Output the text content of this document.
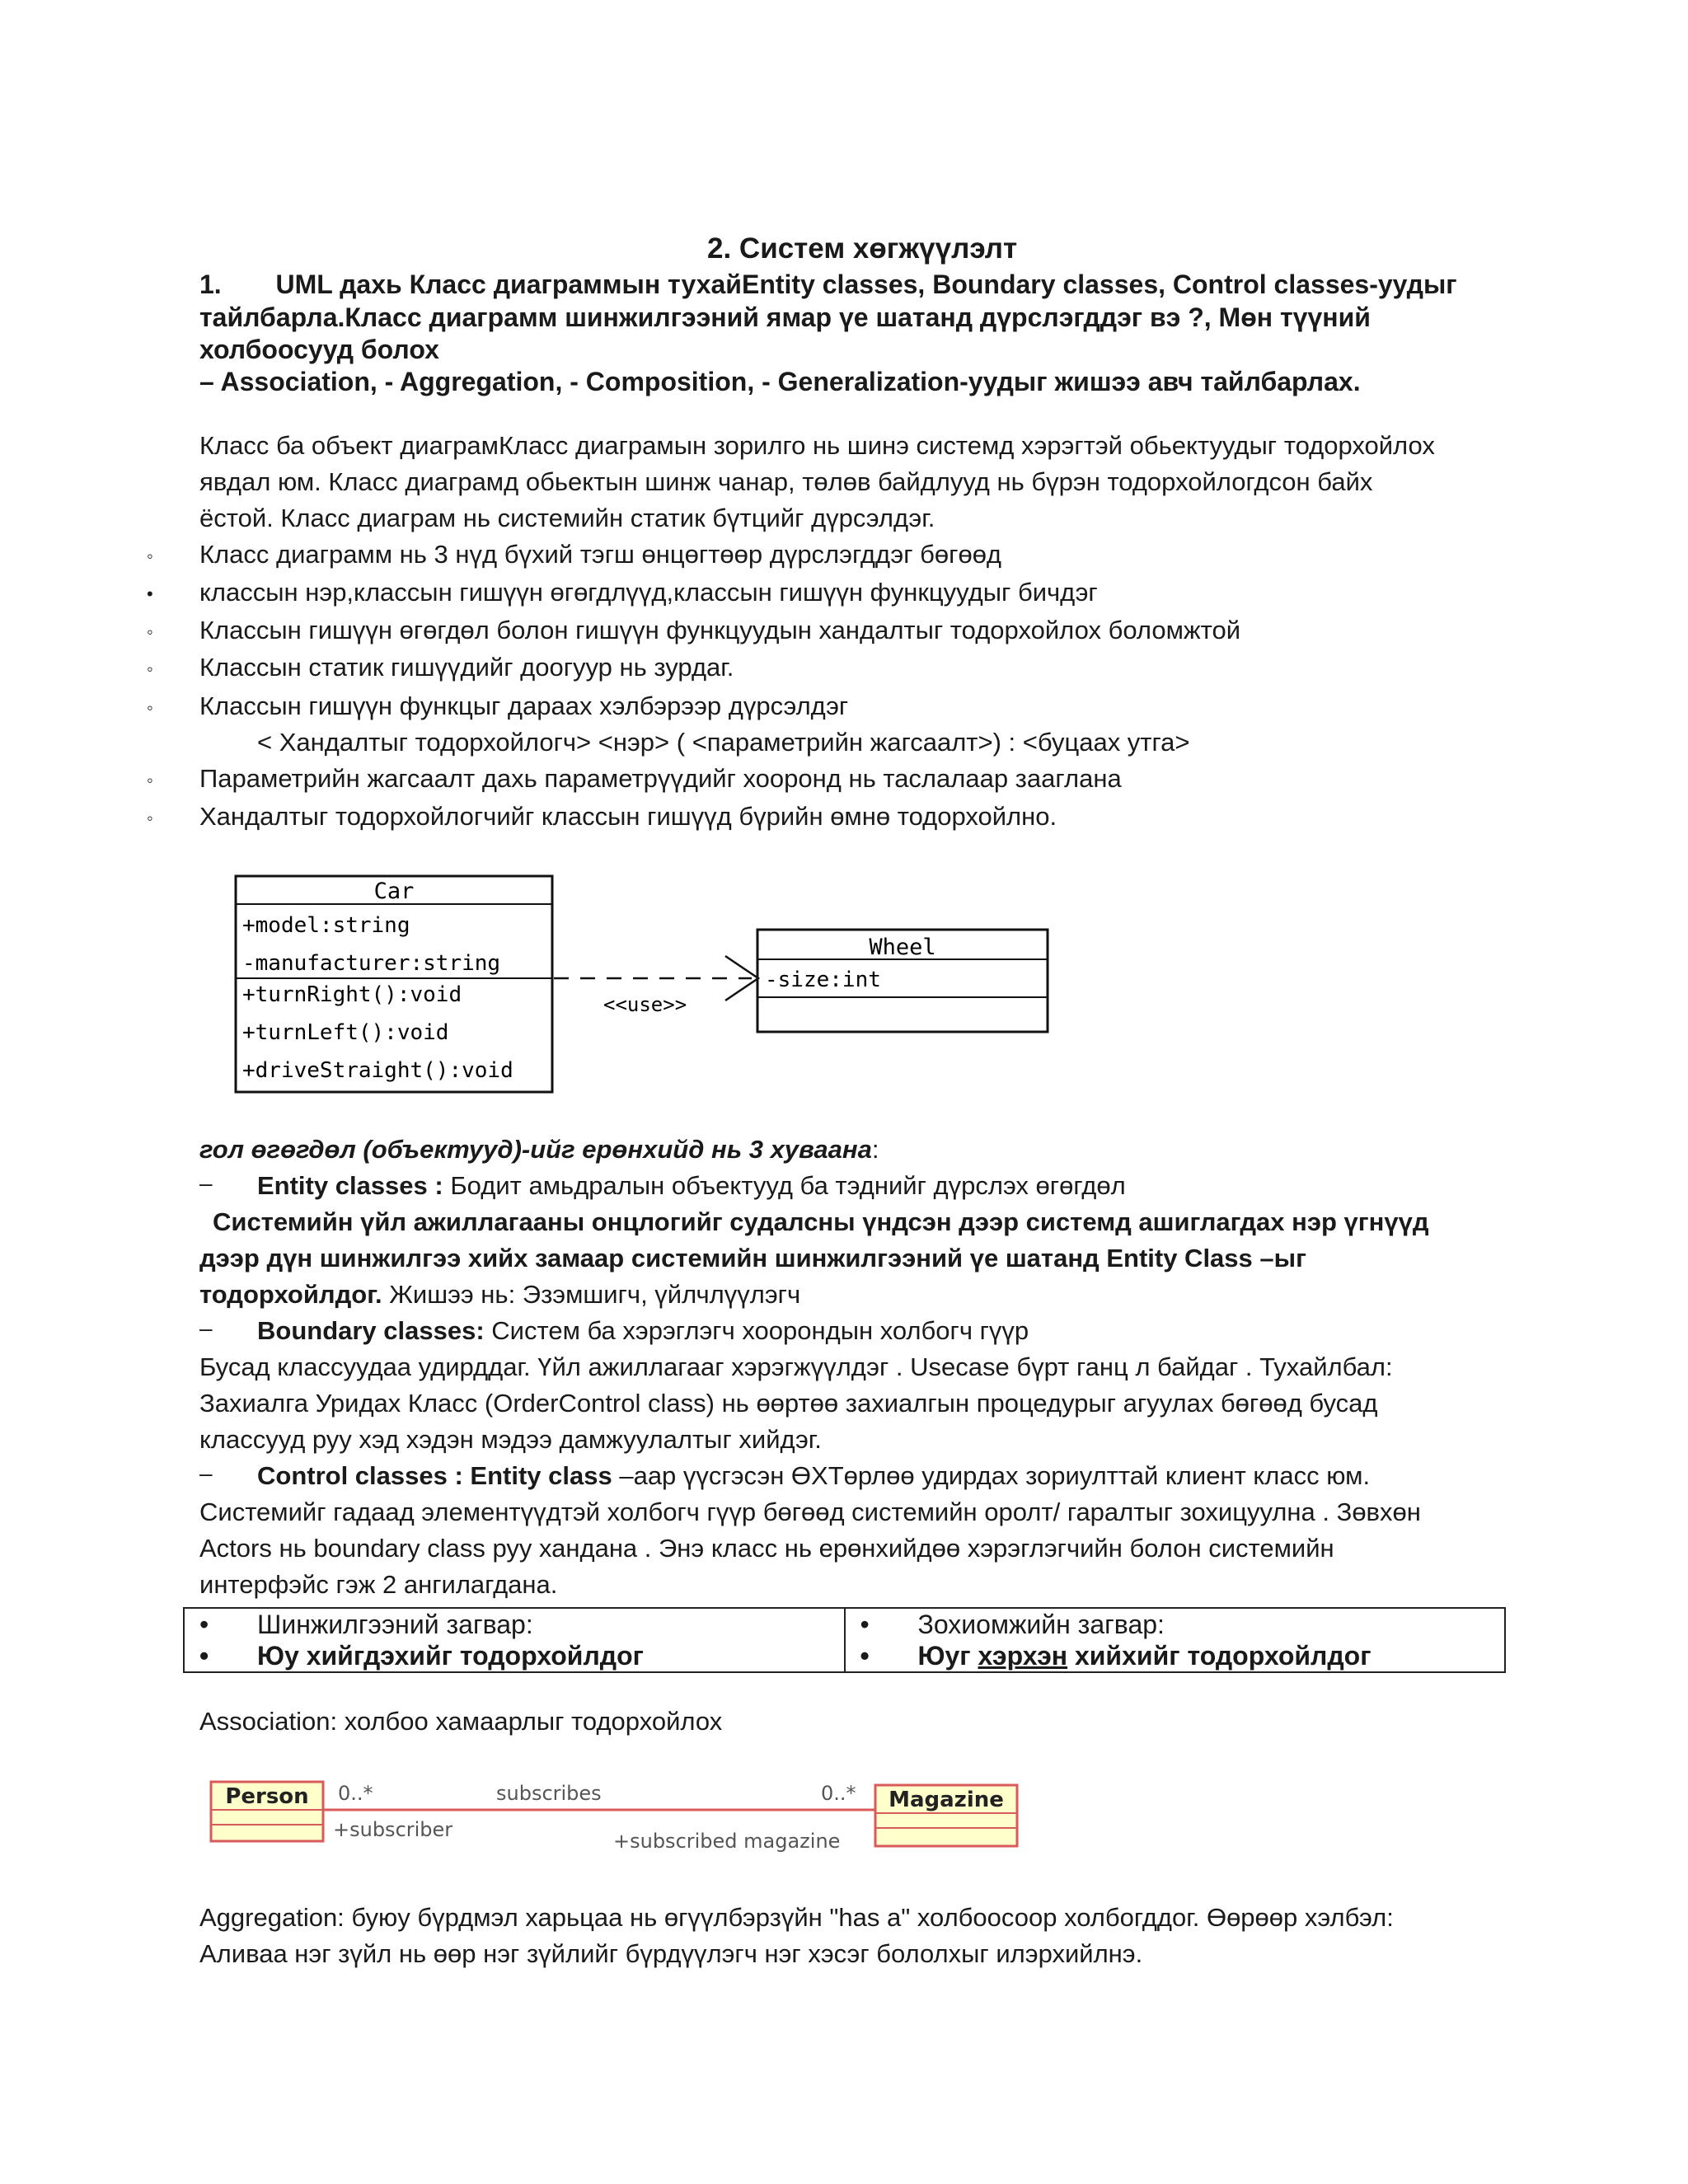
2. Систем хөгжүүлэлт
1. UML дахь Класс диаграммын тухайEntity classes, Boundary classes, Control classes-уудыг
тайлбарла.Класс диаграмм шинжилгээний ямар үе шатанд дүрслэгддэг вэ ?, Мөн түүний
холбоосууд болох
– Association, - Aggregation, - Composition, - Generalization-уудыг жишээ авч тайлбарлах.
Класс ба объект диаграмКласс диаграмын зорилго нь шинэ системд хэрэгтэй обьектуудыг тодорхойлох
явдал юм. Класс диаграмд обьектын шинж чанар, төлөв байдлууд нь бүрэн тодорхойлогдсон байх
ёстой. Класс диаграм нь системийн статик бүтцийг дүрсэлдэг.
◦ Класс диаграмм нь 3 нүд бүхий тэгш өнцөгтөөр дүрслэгддэг бөгөөд
• классын нэр,классын гишүүн өгөгдлүүд,классын гишүүн функцуудыг бичдэг
◦ Классын гишүүн өгөгдөл болон гишүүн функцуудын хандалтыг тодорхойлох боломжтой
◦ Классын статик гишүүдийг доогуур нь зурдаг.
◦ Классын гишүүн функцыг дараах хэлбэрээр дүрсэлдэг
< Хандалтыг тодорхойлогч> <нэр> ( <параметрийн жагсаалт>) : <буцаах утга>
◦ Параметрийн жагсаалт дахь параметрүүдийг хооронд нь таслалаар зааглана
◦ Хандалтыг тодорхойлогчийг классын гишүүд бүрийн өмнө тодорхойлно.
Car
+model:string
-manufacturer:string
+turnRight():void
+turnLeft():void
+driveStraight():void
<<use>>
Wheel
-size:int
гол өгөгдөл (объектууд)-ийг ерөнхийд нь 3 хуваана:
– Entity classes : Бодит амьдралын объектууд ба тэднийг дүрслэх өгөгдөл
Системийн үйл ажиллагааны онцлогийг судалсны үндсэн дээр системд ашиглагдах нэр үгнүүд
дээр дүн шинжилгээ хийх замаар системийн шинжилгээний үе шатанд Entity Class –ыг
тодорхойлдог. Жишээ нь: Эзэмшигч, үйлчлүүлэгч
– Boundary classes: Систем ба хэрэглэгч хоорондын холбогч гүүр
Бусад классуудаа удирддаг. Үйл ажиллагааг хэрэгжүүлдэг . Usecase бүрт ганц л байдаг . Тухайлбал:
Захиалга Уридах Класс (OrderControl class) нь өөртөө захиалгын процедурыг агуулах бөгөөд бусад
классууд руу хэд хэдэн мэдээ дамжуулалтыг хийдэг.
– Control classes : Entity class –аар үүсгэсэн ӨХТөрлөө удирдах зориулттай клиент класс юм.
Системийг гадаад элементүүдтэй холбогч гүүр бөгөөд системийн оролт/ гаралтыг зохицуулна . Зөвхөн
Actors нь boundary class руу хандана . Энэ класс нь ерөнхийдөө хэрэглэгчийн болон системийн
интерфэйс гэж 2 ангилагдана.
•	Шинжилгээний загвар:
•	Юу хийгдэхийг тодорхойлдог

•	Зохиомжийн загвар:
•	Юуг хэрхэн хийхийг тодорхойлдог
Association: холбоо хамаарлыг тодорхойлох
Person	Magazine
0..*	subscribes	0..*
+subscriber	+subscribed magazine
Aggregation: буюу бүрдмэл харьцаа нь өгүүлбэрзүйн "has a" холбоосоор холбогддог. Өөрөөр хэлбэл:
Аливаа нэг зүйл нь өөр нэг зүйлийг бүрдүүлэгч нэг хэсэг бололхыг илэрхийлнэ.
